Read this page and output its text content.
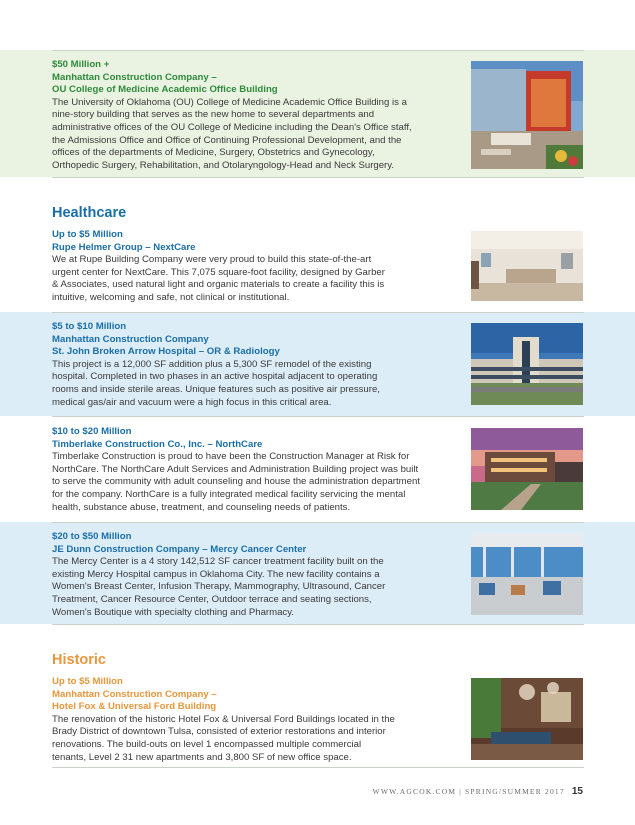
$50 Million +
Manhattan Construction Company –
OU College of Medicine Academic Office Building
The University of Oklahoma (OU) College of Medicine Academic Office Building is a nine-story building that serves as the new home to several departments and administrative offices of the OU College of Medicine including the Dean's Office staff, the Admissions Office and Office of Continuing Professional Development, and the offices of the departments of Medicine, Surgery, Obstetrics and Gynecology, Orthopedic Surgery, Rehabilitation, and Otolaryngology-Head and Neck Surgery.
Healthcare
Up to $5 Million
Rupe Helmer Group – NextCare
We at Rupe Building Company were very proud to build this state-of-the-art urgent center for NextCare. This 7,075 square-foot facility, designed by Garber & Associates, used natural light and organic materials to create a facility this is intuitive, welcoming and safe, not clinical or institutional.
$5 to $10 Million
Manhattan Construction Company
St. John Broken Arrow Hospital – OR & Radiology
This project is a 12,000 SF addition plus a 5,300 SF remodel of the existing hospital. Completed in two phases in an active hospital adjacent to operating rooms and inside sterile areas. Unique features such as positive air pressure, medical gas/air and vacuum were a high focus in this critical area.
$10 to $20 Million
Timberlake Construction Co., Inc. – NorthCare
Timberlake Construction is proud to have been the Construction Manager at Risk for NorthCare. The NorthCare Adult Services and Administration Building project was built to serve the community with adult counseling and house the administration department for the company. NorthCare is a fully integrated medical facility servicing the mental health, substance abuse, treatment, and counseling needs of patients.
$20 to $50 Million
JE Dunn Construction Company – Mercy Cancer Center
The Mercy Center is a 4 story 142,512 SF cancer treatment facility built on the existing Mercy Hospital campus in Oklahoma City. The new facility contains a Women's Breast Center, Infusion Therapy, Mammography, Ultrasound, Cancer Treatment, Cancer Resource Center, Outdoor terrace and seating sections, Women's Boutique with specialty clothing and Pharmacy.
Historic
Up to $5 Million
Manhattan Construction Company –
Hotel Fox & Universal Ford Building
The renovation of the historic Hotel Fox & Universal Ford Buildings located in the Brady District of downtown Tulsa, consisted of exterior restorations and interior renovations. The build-outs on level 1 encompassed multiple commercial tenants, Level 2 31 new apartments and 3,800 SF of new office space.
WWW.AGCOK.COM | SPRING/SUMMER 2017 15
